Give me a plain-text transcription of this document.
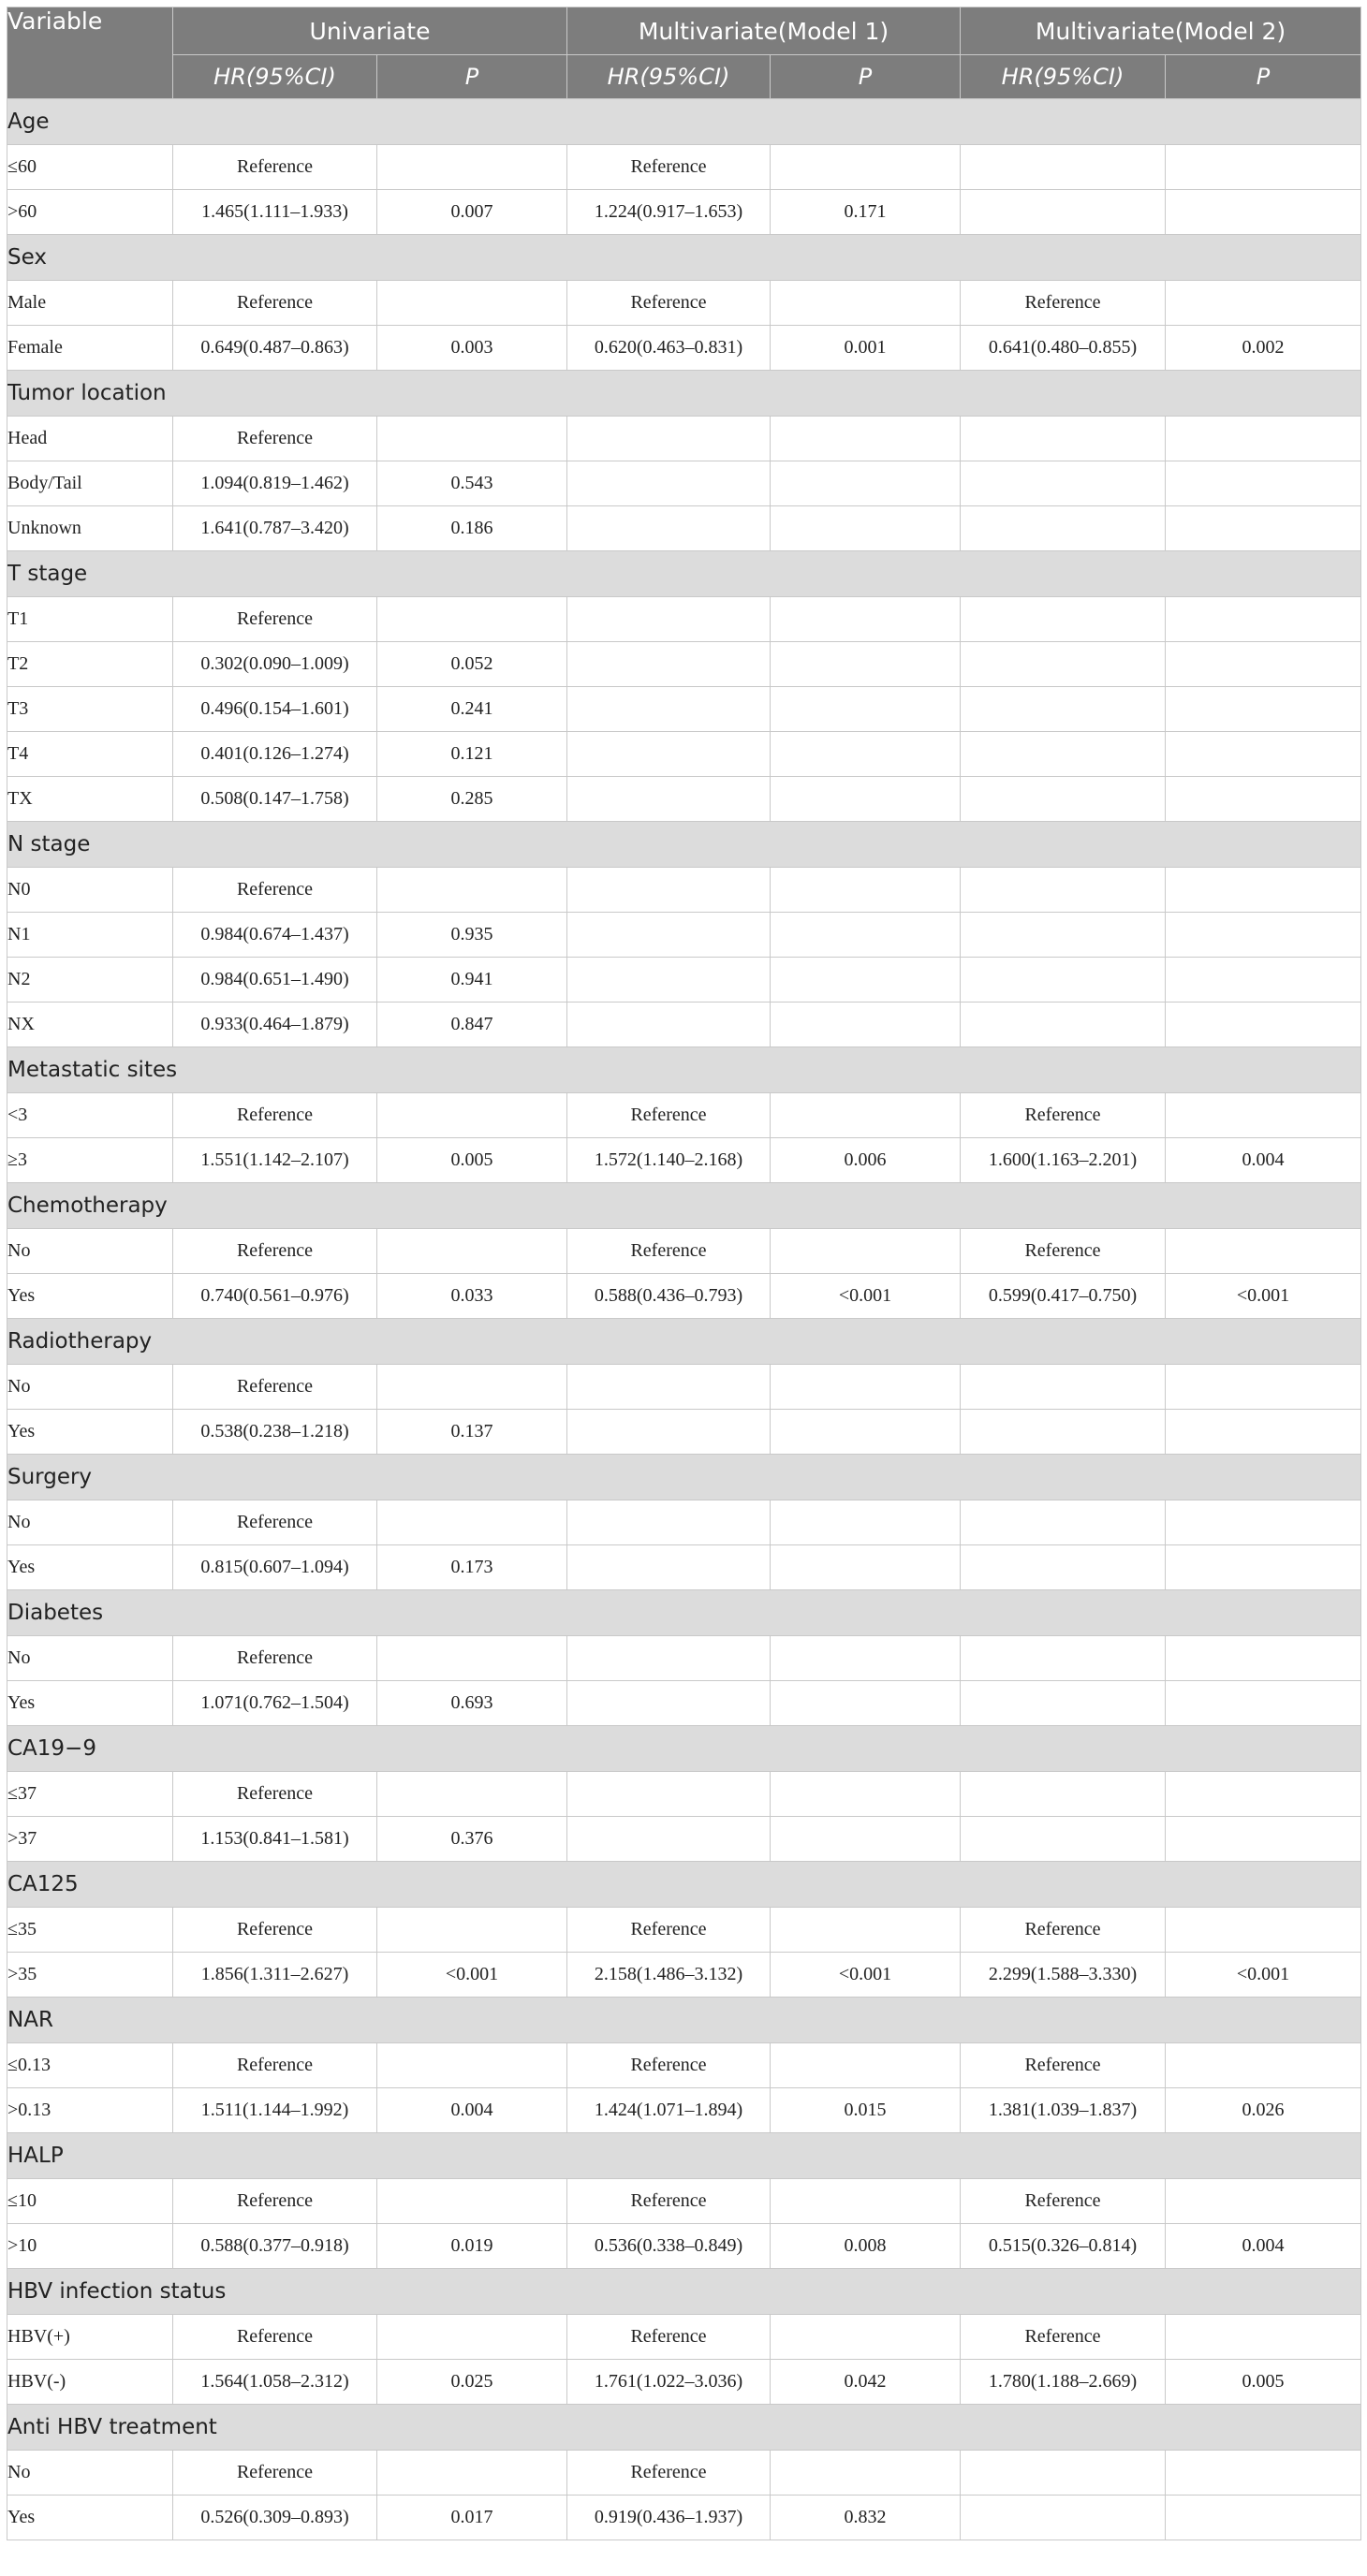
Variable	Univariate		Multivariate(Model 1)		Multivariate(Model 2)	
	HR(95%CI)	P	HR(95%CI)	P	HR(95%CI)	P
Age						
≤60	Reference		Reference			
>60	1.465(1.111–1.933)	0.007	1.224(0.917–1.653)	0.171		
Sex						
Male	Reference		Reference		Reference	
Female	0.649(0.487–0.863)	0.003	0.620(0.463–0.831)	0.001	0.641(0.480–0.855)	0.002
Tumor location						
Head	Reference					
Body/Tail	1.094(0.819–1.462)	0.543				
Unknown	1.641(0.787–3.420)	0.186				
T stage						
T1	Reference					
T2	0.302(0.090–1.009)	0.052				
T3	0.496(0.154–1.601)	0.241				
T4	0.401(0.126–1.274)	0.121				
TX	0.508(0.147–1.758)	0.285				
N stage						
N0	Reference					
N1	0.984(0.674–1.437)	0.935				
N2	0.984(0.651–1.490)	0.941				
NX	0.933(0.464–1.879)	0.847				
Metastatic sites						
<3	Reference		Reference		Reference	
≥3	1.551(1.142–2.107)	0.005	1.572(1.140–2.168)	0.006	1.600(1.163–2.201)	0.004
Chemotherapy						
No	Reference		Reference		Reference	
Yes	0.740(0.561–0.976)	0.033	0.588(0.436–0.793)	<0.001	0.599(0.417–0.750)	<0.001
Radiotherapy						
No	Reference					
Yes	0.538(0.238–1.218)	0.137				
Surgery						
No	Reference					
Yes	0.815(0.607–1.094)	0.173				
Diabetes						
No	Reference					
Yes	1.071(0.762–1.504)	0.693				
CA19−9						
≤37	Reference					
>37	1.153(0.841–1.581)	0.376				
CA125						
≤35	Reference		Reference		Reference	
>35	1.856(1.311–2.627)	<0.001	2.158(1.486–3.132)	<0.001	2.299(1.588–3.330)	<0.001
NAR						
≤0.13	Reference		Reference		Reference	
>0.13	1.511(1.144–1.992)	0.004	1.424(1.071–1.894)	0.015	1.381(1.039–1.837)	0.026
HALP						
≤10	Reference		Reference		Reference	
>10	0.588(0.377–0.918)	0.019	0.536(0.338–0.849)	0.008	0.515(0.326–0.814)	0.004
HBV infection status						
HBV(+)	Reference		Reference		Reference	
HBV(-)	1.564(1.058–2.312)	0.025	1.761(1.022–3.036)	0.042	1.780(1.188–2.669)	0.005
Anti HBV treatment						
No	Reference		Reference			
Yes	0.526(0.309–0.893)	0.017	0.919(0.436–1.937)	0.832		
